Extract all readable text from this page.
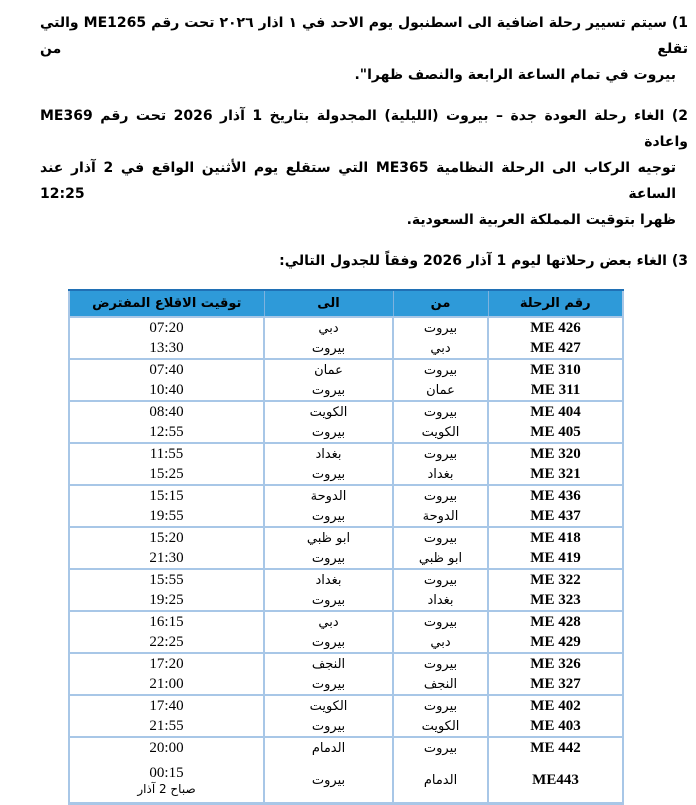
1) سيتم تسيير رحلة اضافية الى اسطنبول يوم الاحد في ١ اذار ٢٠٢٦ تحت رقم ME1265 والتي تقلع من
بيروت في تمام الساعة الرابعة والنصف ظهرا".

2) الغاء رحلة العودة جدة – بيروت (الليلية) المجدولة بتاريخ 1 آذار 2026 تحت رقم ME369 واعادة
توجيه الركاب الى الرحلة النظامية ME365 التي ستقلع يوم الأثنين الواقع في 2 آذار عند الساعة 12:25
ظهرا بتوقيت المملكة العربية السعودية.

3) الغاء بعض رحلاتها ليوم 1 آذار 2026 وفقاً للجدول التالي:

رقم الرحلة	من	الى	توقيت الاقلاع المفترض
ME 426	بيروت	دبي	07:20
ME 427	دبي	بيروت	13:30
ME 310	بيروت	عمان	07:40
ME 311	عمان	بيروت	10:40
ME 404	بيروت	الكويت	08:40
ME 405	الكويت	بيروت	12:55
ME 320	بيروت	بغداد	11:55
ME 321	بغداد	بيروت	15:25
ME 436	بيروت	الدوحة	15:15
ME 437	الدوحة	بيروت	19:55
ME 418	بيروت	ابو ظبي	15:20
ME 419	ابو ظبي	بيروت	21:30
ME 322	بيروت	بغداد	15:55
ME 323	بغداد	بيروت	19:25
ME 428	بيروت	دبي	16:15
ME 429	دبي	بيروت	22:25
ME 326	بيروت	النجف	17:20
ME 327	النجف	بيروت	21:00
ME 402	بيروت	الكويت	17:40
ME 403	الكويت	بيروت	21:55
ME 442	بيروت	الدمام	20:00
ME443	الدمام	بيروت	00:15
صباح 2 آذار
